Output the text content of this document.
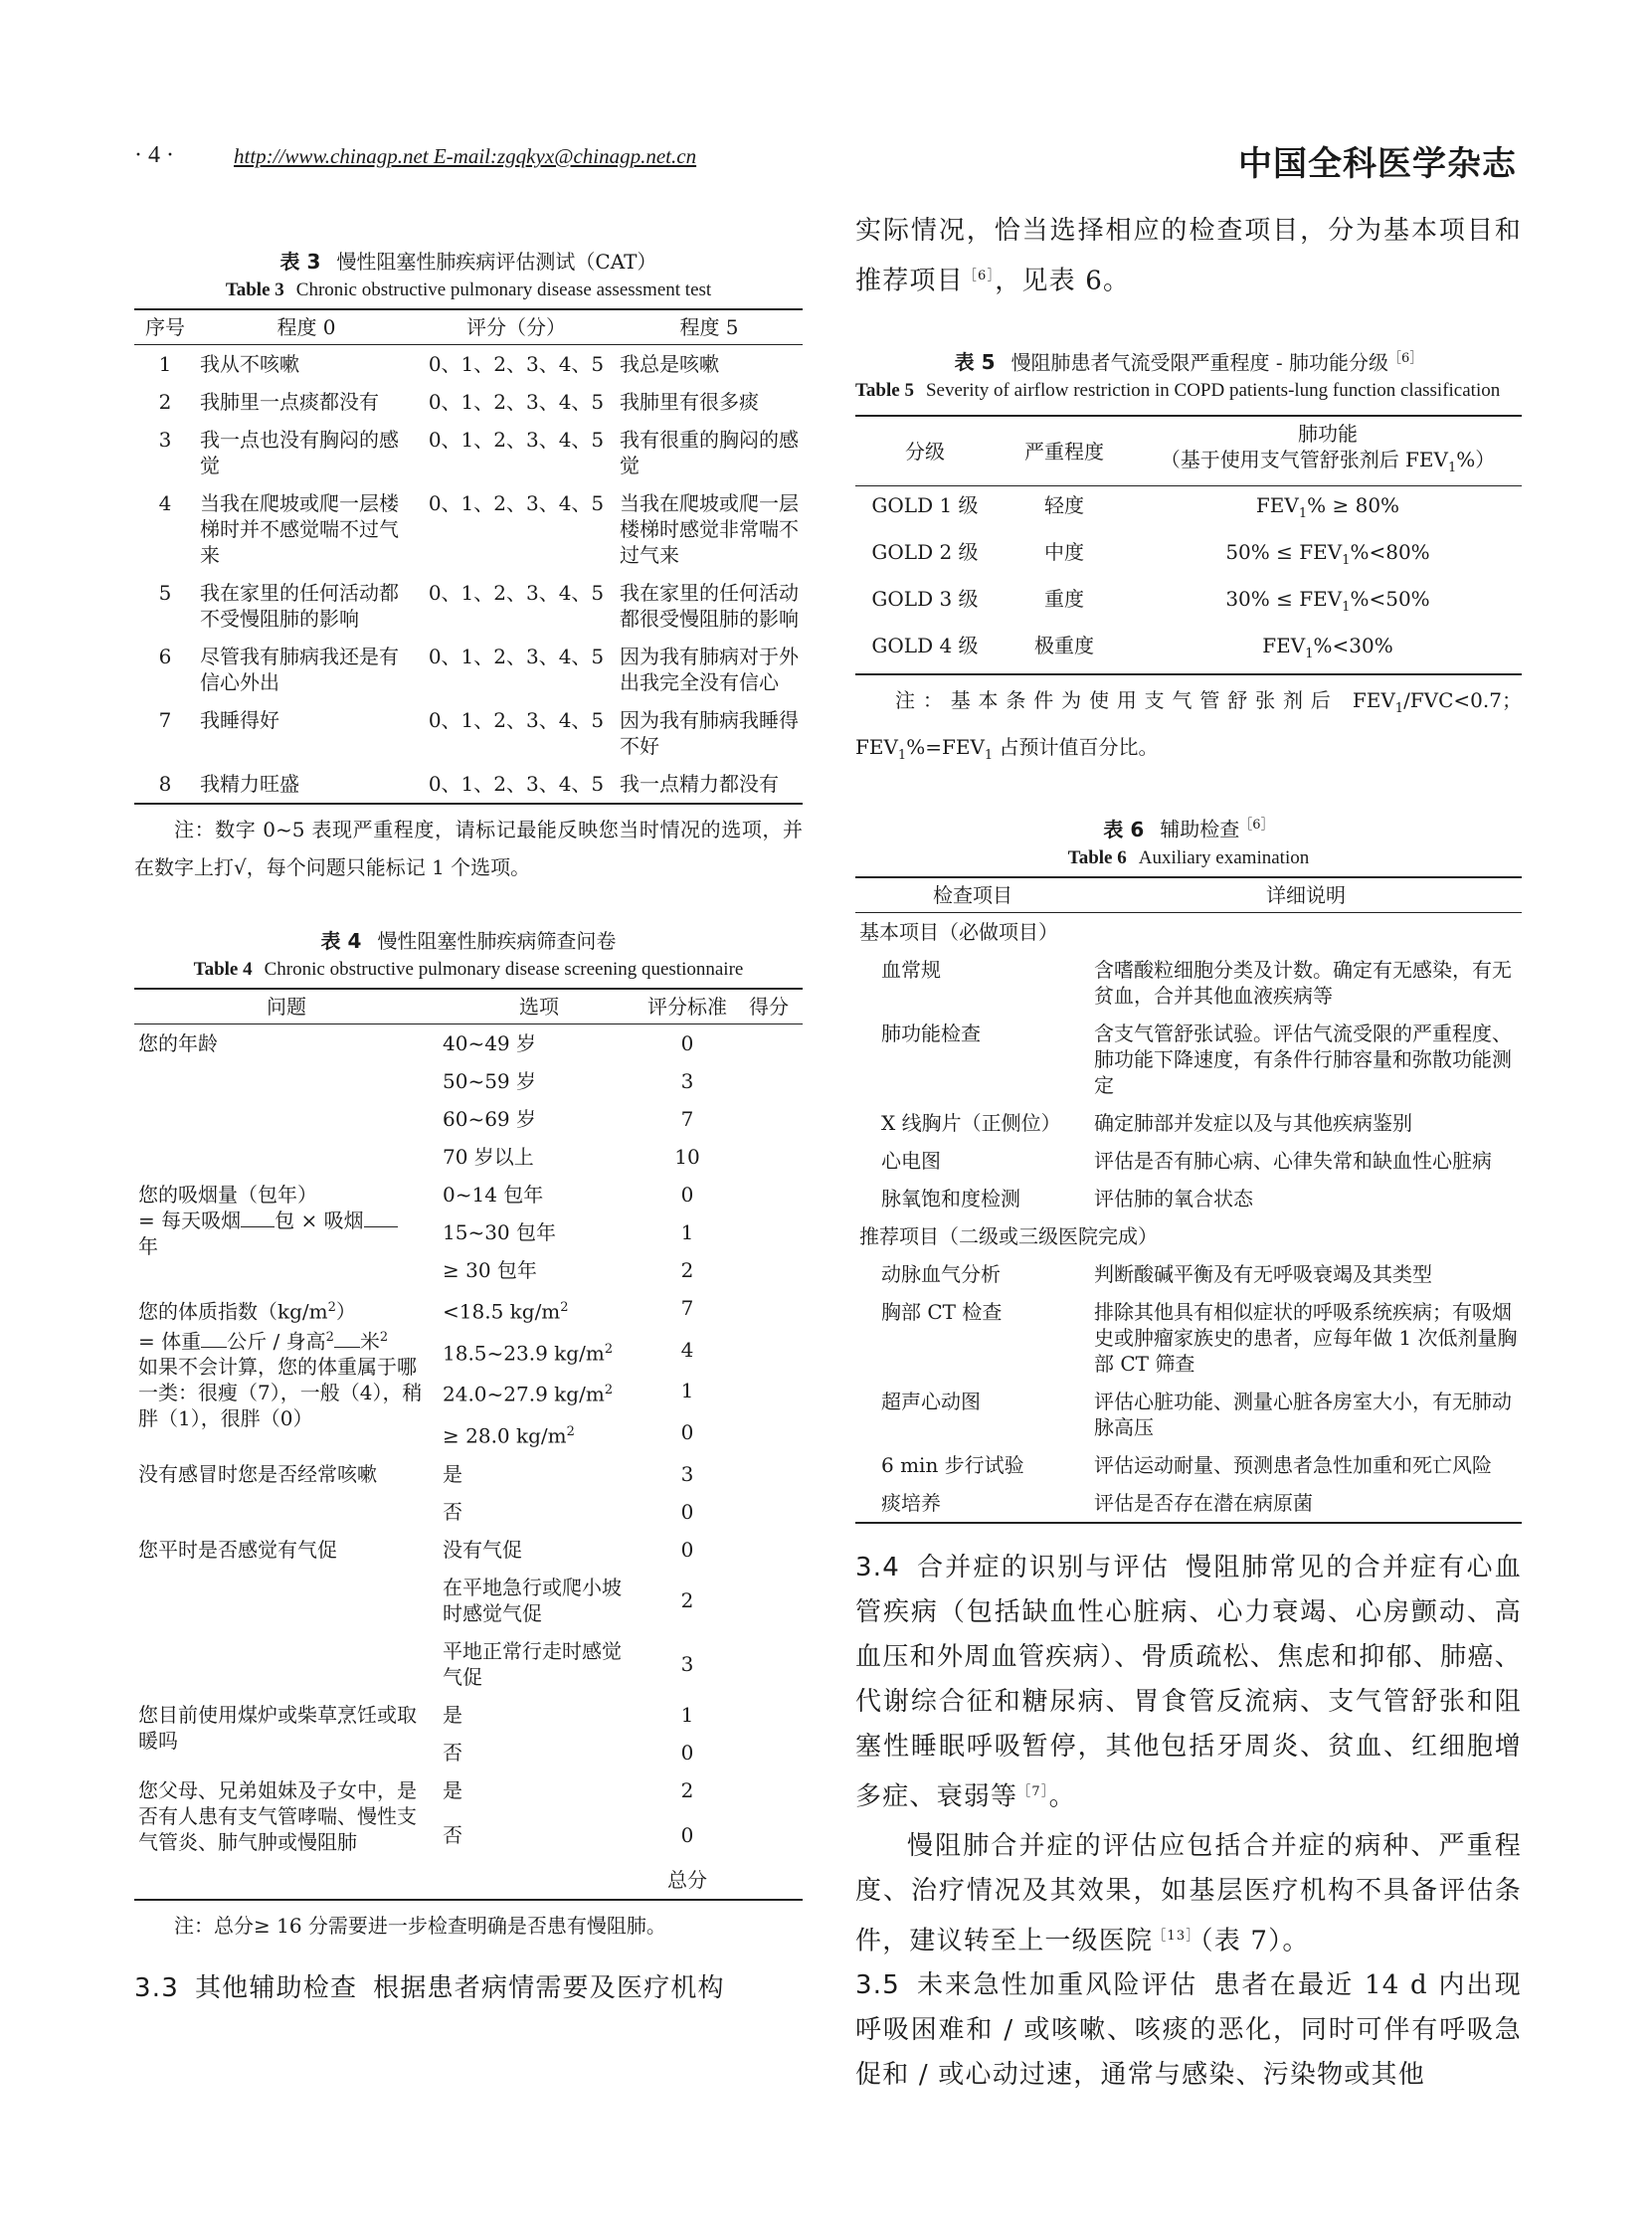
· 4 ·	http://www.chinagp.net E-mail:zgqkyx@chinagp.net.cn	中国全科医学杂志
表 3 慢性阻塞性肺疾病评估测试（CAT）
Table 3 Chronic obstructive pulmonary disease assessment test
序号	程度 0	评分（分）	程度 5
1	我从不咳嗽	0、1、2、3、4、5	我总是咳嗽
2	我肺里一点痰都没有	0、1、2、3、4、5	我肺里有很多痰
3	我一点也没有胸闷的感觉	0、1、2、3、4、5	我有很重的胸闷的感觉
4	当我在爬坡或爬一层楼梯时并不感觉喘不过气来	0、1、2、3、4、5	当我在爬坡或爬一层楼梯时感觉非常喘不过气来
5	我在家里的任何活动都不受慢阻肺的影响	0、1、2、3、4、5	我在家里的任何活动都很受慢阻肺的影响
6	尽管我有肺病我还是有信心外出	0、1、2、3、4、5	因为我有肺病对于外出我完全没有信心
7	我睡得好	0、1、2、3、4、5	因为我有肺病我睡得不好
8	我精力旺盛	0、1、2、3、4、5	我一点精力都没有
注：数字 0~5 表现严重程度，请标记最能反映您当时情况的选项，并在数字上打√，每个问题只能标记 1 个选项。
表 4 慢性阻塞性肺疾病筛查问卷
Table 4 Chronic obstructive pulmonary disease screening questionnaire
问题	选项	评分标准	得分
您的年龄	40~49 岁	0	
	50~59 岁	3	
	60~69 岁	7	
	70 岁以上	10	
您的吸烟量（包年）
= 每天吸烟 包 × 吸烟
年	0~14 包年	0	
	15~30 包年	1	
	≥ 30 包年	2	
您的体质指数$(kg/m^2)$
= 体重 公斤 / 身高$^2$ 米$^2$
如果不会计算，您的体重属于哪一类：很瘦（7），一般（4），稍胖（1），很胖（0）	<18.5 $kg/m^2$	7	
	18.5~23.9 $kg/m^2$	4	
	24.0~27.9 $kg/m^2$	1	
	≥ 28.0 $kg/m^2$	0	
没有感冒时您是否经常咳嗽	是	3	
	否	0	
您平时是否感觉有气促	没有气促	0	
	在平地急行或爬小坡时感觉气促	2	
	平地正常行走时感觉气促	3	
您目前使用煤炉或柴草烹饪或取暖吗	是	1	
	否	0	
您父母、兄弟姐妹及子女中，是否有人患有支气管哮喘、慢性支气管炎、肺气肿或慢阻肺	是	2	
	否	0	
		总分	
注：总分≥ 16 分需要进一步检查明确是否患有慢阻肺。
3.3 其他辅助检查 根据患者病情需要及医疗机构
实际情况，恰当选择相应的检查项目，分为基本项目和推荐项目$^{[6]}$，见表 6。
表 5 慢阻肺患者气流受限严重程度 - 肺功能分级$^{[6]}$
Table 5 Severity of airflow restriction in COPD patients-lung function classification
分级	严重程度	肺功能
（基于使用支气管舒张剂后 $FEV_1\%$）
GOLD 1 级	轻度	$FEV_1\% \ge 80\%$
GOLD 2 级	中度	$50\% \le FEV_1\%<80\%$
GOLD 3 级	重度	$30\% \le FEV_1\%<50\%$
GOLD 4 级	极重度	$FEV_1\%<30\%$
注：基本条件为使用支气管舒张剂后 $FEV_1/FVC<0.7$；$FEV_1\%=FEV_1$ 占预计值百分比。
表 6 辅助检查$^{[6]}$
Table 6 Auxiliary examination
检查项目	详细说明
基本项目（必做项目）	
血常规	含嗜酸粒细胞分类及计数。确定有无感染，有无贫血，合并其他血液疾病等
肺功能检查	含支气管舒张试验。评估气流受限的严重程度、肺功能下降速度，有条件行肺容量和弥散功能测定
X 线胸片（正侧位）	确定肺部并发症以及与其他疾病鉴别
心电图	评估是否有肺心病、心律失常和缺血性心脏病
脉氧饱和度检测	评估肺的氧合状态
推荐项目（二级或三级医院完成）	
动脉血气分析	判断酸碱平衡及有无呼吸衰竭及其类型
胸部 CT 检查	排除其他具有相似症状的呼吸系统疾病；有吸烟史或肿瘤家族史的患者，应每年做 1 次低剂量胸部 CT 筛查
超声心动图	评估心脏功能、测量心脏各房室大小，有无肺动脉高压
6 min 步行试验	评估运动耐量、预测患者急性加重和死亡风险
痰培养	评估是否存在潜在病原菌
3.4 合并症的识别与评估 慢阻肺常见的合并症有心血管疾病（包括缺血性心脏病、心力衰竭、心房颤动、高血压和外周血管疾病）、骨质疏松、焦虑和抑郁、肺癌、代谢综合征和糖尿病、胃食管反流病、支气管舒张和阻塞性睡眠呼吸暂停，其他包括牙周炎、贫血、红细胞增多症、衰弱等$^{[7]}$。
慢阻肺合并症的评估应包括合并症的病种、严重程度、治疗情况及其效果，如基层医疗机构不具备评估条件，建议转至上一级医院$^{[13]}$（表 7）。
3.5 未来急性加重风险评估 患者在最近 14 d 内出现呼吸困难和 / 或咳嗽、咳痰的恶化，同时可伴有呼吸急促和 / 或心动过速，通常与感染、污染物或其他
